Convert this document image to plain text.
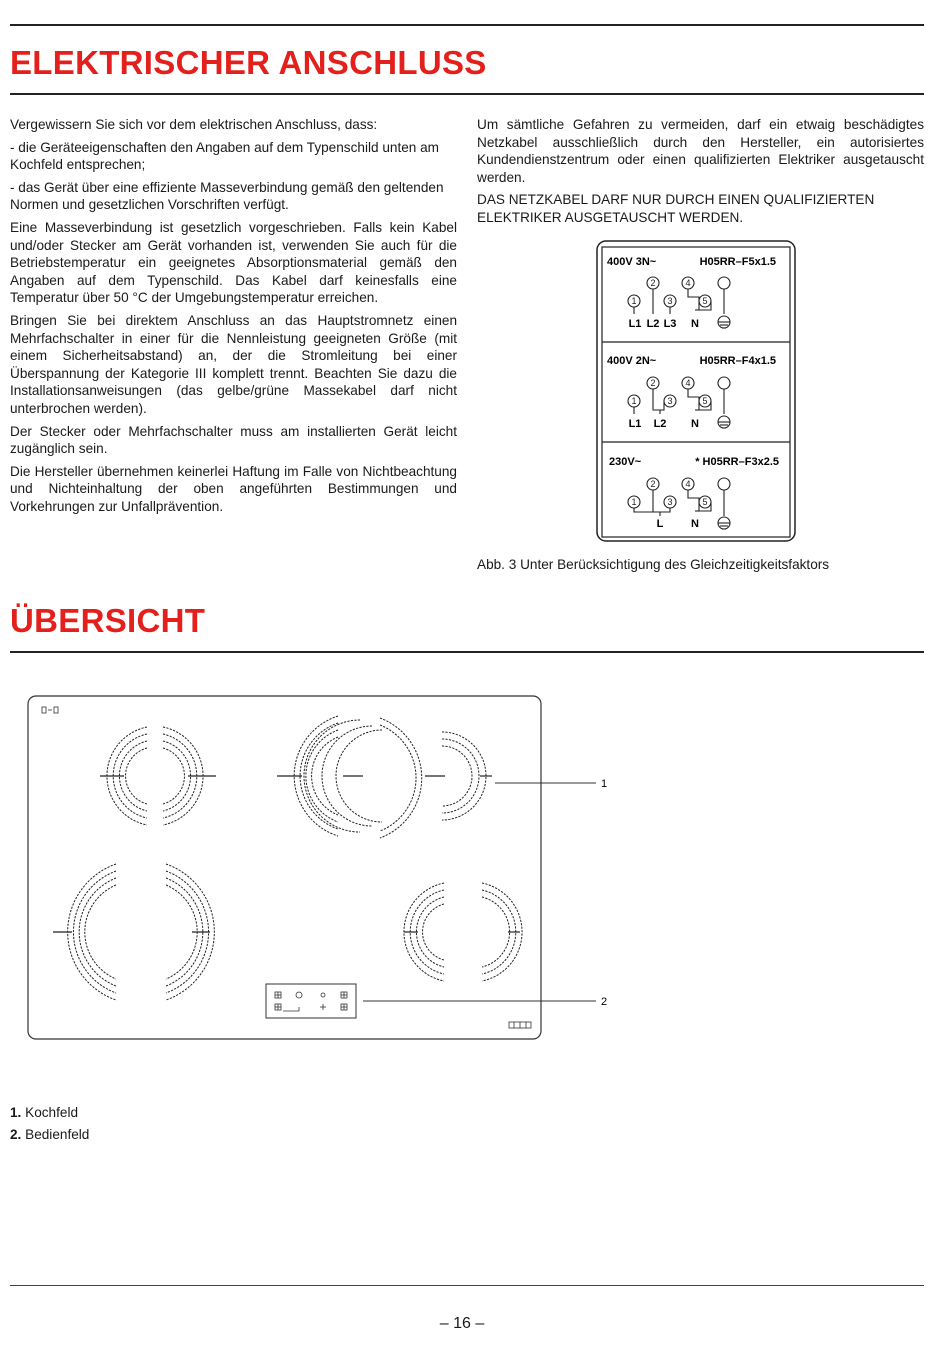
ELEKTRISCHER ANSCHLUSS

Vergewissern Sie sich vor dem elektrischen Anschluss, dass:

- die Geräteeigenschaften den Angaben auf dem Typenschild unten am Kochfeld entsprechen;

- das Gerät über eine effiziente Masseverbindung gemäß den geltenden Normen und gesetzlichen Vorschriften verfügt.

Eine Masseverbindung ist gesetzlich vorgeschrieben. Falls kein Kabel und/oder Stecker am Gerät vorhanden ist, verwenden Sie auch für die Betriebstemperatur ein geeignetes Absorptionsmaterial gemäß den Angaben auf dem Typenschild. Das Kabel darf keinesfalls eine Temperatur über 50 °C der Umgebungstemperatur erreichen.

Bringen Sie bei direktem Anschluss an das Hauptstromnetz einen Mehrfachschalter in einer für die Nennleistung geeigneten Größe (mit einem Sicherheitsabstand) an, der die Stromleitung bei einer Überspannung der Kategorie III komplett trennt. Beachten Sie dazu die Installationsanweisungen (das gelbe/grüne Massekabel darf nicht unterbrochen werden).

Der Stecker oder Mehrfachschalter muss am installierten Gerät leicht zugänglich sein.

Die Hersteller übernehmen keinerlei Haftung im Falle von Nichtbeachtung und Nichteinhaltung der oben angeführten Bestimmungen und Vorkehrungen zur Unfallprävention.

Um sämtliche Gefahren zu vermeiden, darf ein etwaig beschädigtes Netzkabel ausschließlich durch den Hersteller, ein autorisiertes Kundendienstzentrum oder einen qualifizierten Elektriker ausgetauscht werden.

DAS NETZKABEL DARF NUR DURCH EINEN QUALIFIZIERTEN ELEKTRIKER AUSGETAUSCHT WERDEN.

400V 3N~	H05RR–F5x1.5
2	4
1	3	5
L1 L2 L3 N
400V 2N~	H05RR–F4x1.5
2	4
1	3	5
L1 L2 N
230V~	* H05RR–F3x2.5
2	4
1	3	5
L	N
Abb. 3 Unter Berücksichtigung des Gleichzeitigkeitsfaktors
ÜBERSICHT
1
2
1. Kochfeld
2. Bedienfeld
– 16 –
